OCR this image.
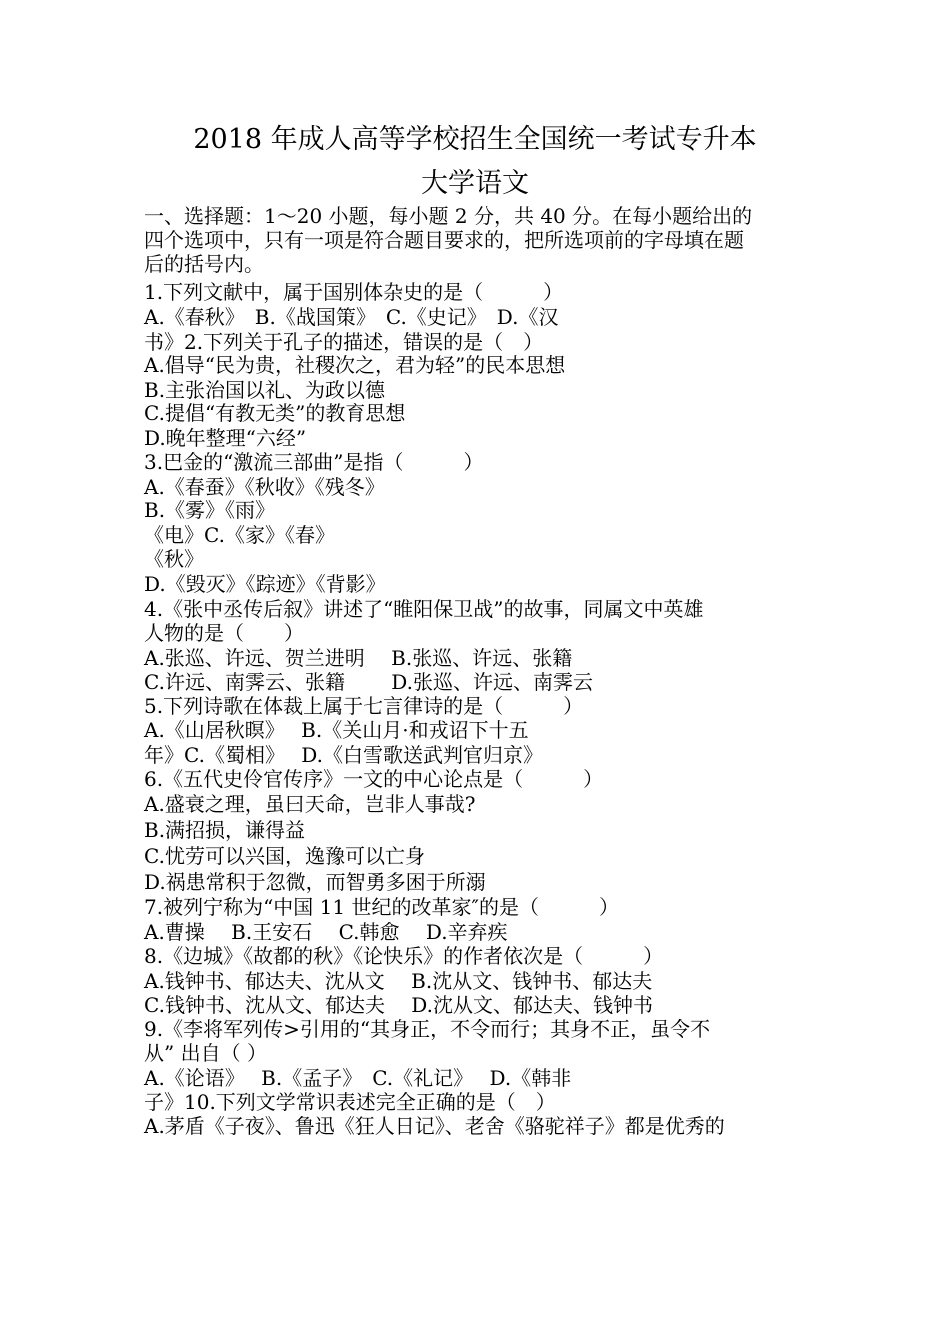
2018 年成人高等学校招生全国统一考试专升本
大学语文
一、选择题：1～20 小题，每小题 2 分，共 40 分。在每小题给出的
四个选项中，只有一项是符合题目要求的，把所选项前的字母填在题
后的括号内。
1.下列文献中，属于国别体杂史的是（　　　）
A.《春秋》　B.《战国策》　C.《史记》　D.《汉
书》2.下列关于孔子的描述，错误的是（　）
A.倡导“民为贵，社稷次之，君为轻”的民本思想
B.主张治国以礼、为政以德
C.提倡“有教无类”的教育思想
D.晚年整理“六经”
3.巴金的“激流三部曲”是指（　　　）
A.《春蚕》《秋收》《残冬》
B.《雾》《雨》
《电》C.《家》《春》
《秋》
D.《毁灭》《踪迹》《背影》
4.《张中丞传后叙》讲述了“睢阳保卫战”的故事，同属文中英雄
人物的是（　　）
A.张巡、许远、贺兰进明　 B.张巡、许远、张籍
C.许远、南霁云、张籍　　 D.张巡、许远、南霁云
5.下列诗歌在体裁上属于七言律诗的是（　　　）
A.《山居秋暝》　 B.《关山月·和戎诏下十五
年》C.《蜀相》　 D.《白雪歌送武判官归京》
6.《五代史伶官传序》一文的中心论点是（　　　）
A.盛衰之理，虽曰天命，岂非人事哉?
B.满招损，谦得益
C.忧劳可以兴国，逸豫可以亡身
D.祸患常积于忽微，而智勇多困于所溺
7.被列宁称为“中国 11 世纪的改革家″的是（　　　）
A.曹操　 B.王安石　 C.韩愈　 D.辛弃疾
8.《边城》《故都的秋》《论快乐》的作者依次是（　　　）
A.钱钟书、郁达夫、沈从文　 B.沈从文、钱钟书、郁达夫
C.钱钟书、沈从文、郁达夫　 D.沈从文、郁达夫、钱钟书
9.《李将军列传>引用的“其身正，不令而行；其身不正，虽令不
从” 出自（ ）
A.《论语》　 B.《孟子》　C.《礼记》　 D.《韩非
子》10.下列文学常识表述完全正确的是（　）
A.茅盾《子夜》、鲁迅《狂人日记》、老舍《骆驼祥子》都是优秀的
